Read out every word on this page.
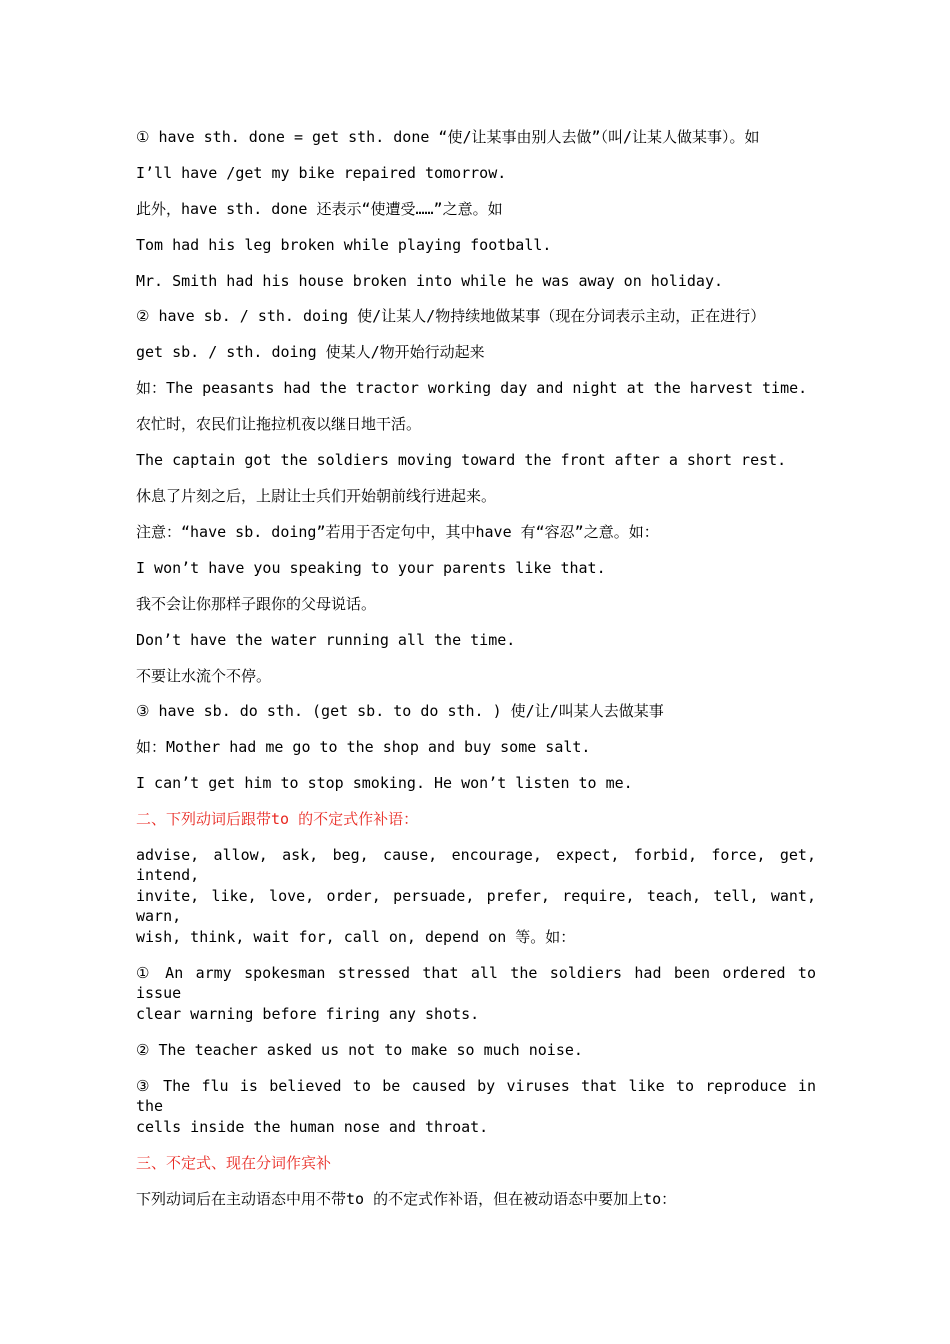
① have sth. done = get sth. done “使/让某事由别人去做”（叫/让某人做某事）。如
I’ll have /get my bike repaired tomorrow.
此外，have sth. done 还表示“使遭受……”之意。如
Tom had his leg broken while playing football.
Mr. Smith had his house broken into while he was away on holiday.
② have sb. / sth. doing 使/让某人/物持续地做某事（现在分词表示主动，正在进行）
get sb. / sth. doing 使某人/物开始行动起来
如：The peasants had the tractor working day and night at the harvest time.
农忙时，农民们让拖拉机夜以继日地干活。
The captain got the soldiers moving toward the front after a short rest.
休息了片刻之后，上尉让士兵们开始朝前线行进起来。
注意：“have sb. doing”若用于否定句中，其中have 有“容忍”之意。如：
I won’t have you speaking to your parents like that.
我不会让你那样子跟你的父母说话。
Don’t have the water running all the time.
不要让水流个不停。
③ have sb. do sth. (get sb. to do sth. ) 使/让/叫某人去做某事
如：Mother had me go to the shop and buy some salt.
I can’t get him to stop smoking. He won’t listen to me.
二、下列动词后跟带to 的不定式作补语：
advise, allow, ask, beg, cause, encourage, expect, forbid, force, get, intend,
invite, like, love, order, persuade, prefer, require, teach, tell, want, warn,
wish, think, wait for, call on, depend on 等。如：
① An army spokesman stressed that all the soldiers had been ordered to issue
clear warning before firing any shots.
② The teacher asked us not to make so much noise.
③ The flu is believed to be caused by viruses that like to reproduce in the
cells inside the human nose and throat.
三、不定式、现在分词作宾补
下列动词后在主动语态中用不带to 的不定式作补语，但在被动语态中要加上to：
